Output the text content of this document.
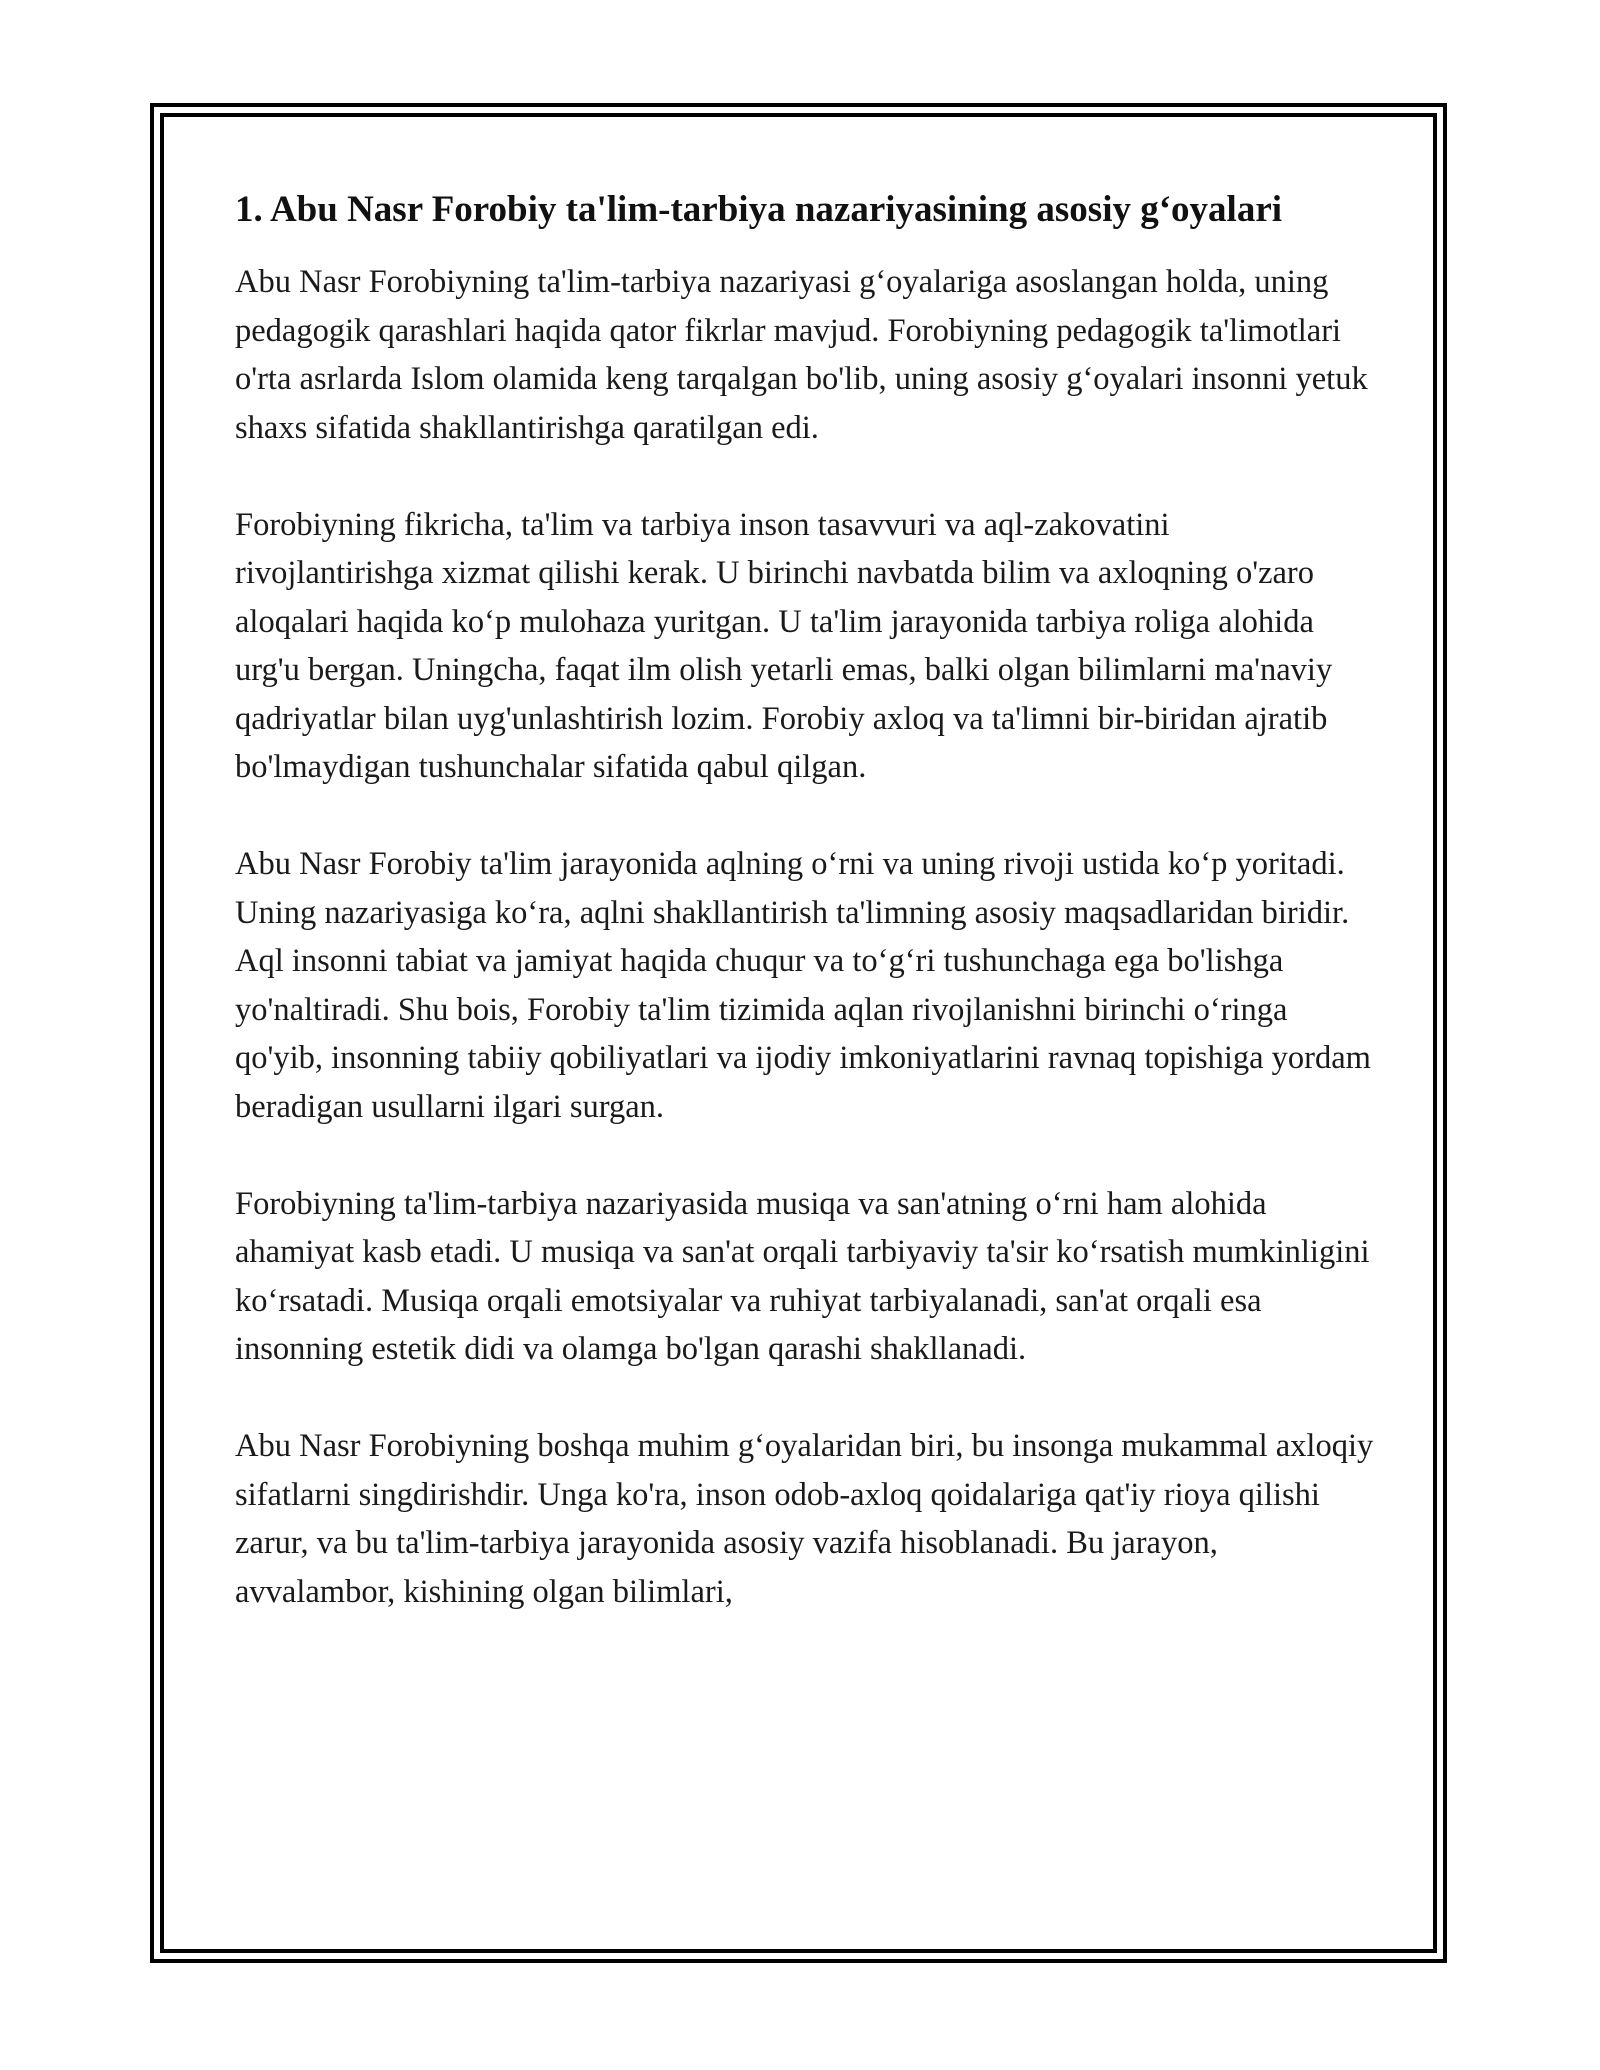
1. Abu Nasr Forobiy ta'lim-tarbiya nazariyasining asosiy g‘oyalari

Abu Nasr Forobiyning ta'lim-tarbiya nazariyasi g‘oyalariga asoslangan holda, uning pedagogik qarashlari haqida qator fikrlar mavjud. Forobiyning pedagogik ta'limotlari o'rta asrlarda Islom olamida keng tarqalgan bo'lib, uning asosiy g‘oyalari insonni yetuk shaxs sifatida shakllantirishga qaratilgan edi.

Forobiyning fikricha, ta'lim va tarbiya inson tasavvuri va aql-zakovatini rivojlantirishga xizmat qilishi kerak. U birinchi navbatda bilim va axloqning o'zaro aloqalari haqida ko‘p mulohaza yuritgan. U ta'lim jarayonida tarbiya roliga alohida urg'u bergan. Uningcha, faqat ilm olish yetarli emas, balki olgan bilimlarni ma'naviy qadriyatlar bilan uyg'unlashtirish lozim. Forobiy axloq va ta'limni bir-biridan ajratib bo'lmaydigan tushunchalar sifatida qabul qilgan.

Abu Nasr Forobiy ta'lim jarayonida aqlning o‘rni va uning rivoji ustida ko‘p yoritadi. Uning nazariyasiga ko‘ra, aqlni shakllantirish ta'limning asosiy maqsadlaridan biridir. Aql insonni tabiat va jamiyat haqida chuqur va to‘g‘ri tushunchaga ega bo'lishga yo'naltiradi. Shu bois, Forobiy ta'lim tizimida aqlan rivojlanishni birinchi o‘ringa qo'yib, insonning tabiiy qobiliyatlari va ijodiy imkoniyatlarini ravnaq topishiga yordam beradigan usullarni ilgari surgan.

Forobiyning ta'lim-tarbiya nazariyasida musiqa va san'atning o‘rni ham alohida ahamiyat kasb etadi. U musiqa va san'at orqali tarbiyaviy ta'sir ko‘rsatish mumkinligini ko‘rsatadi. Musiqa orqali emotsiyalar va ruhiyat tarbiyalanadi, san'at orqali esa insonning estetik didi va olamga bo'lgan qarashi shakllanadi.

Abu Nasr Forobiyning boshqa muhim g‘oyalaridan biri, bu insonga mukammal axloqiy sifatlarni singdirishdir. Unga ko'ra, inson odob-axloq qoidalariga qat'iy rioya qilishi zarur, va bu ta'lim-tarbiya jarayonida asosiy vazifa hisoblanadi. Bu jarayon, avvalambor, kishining olgan bilimlari,
